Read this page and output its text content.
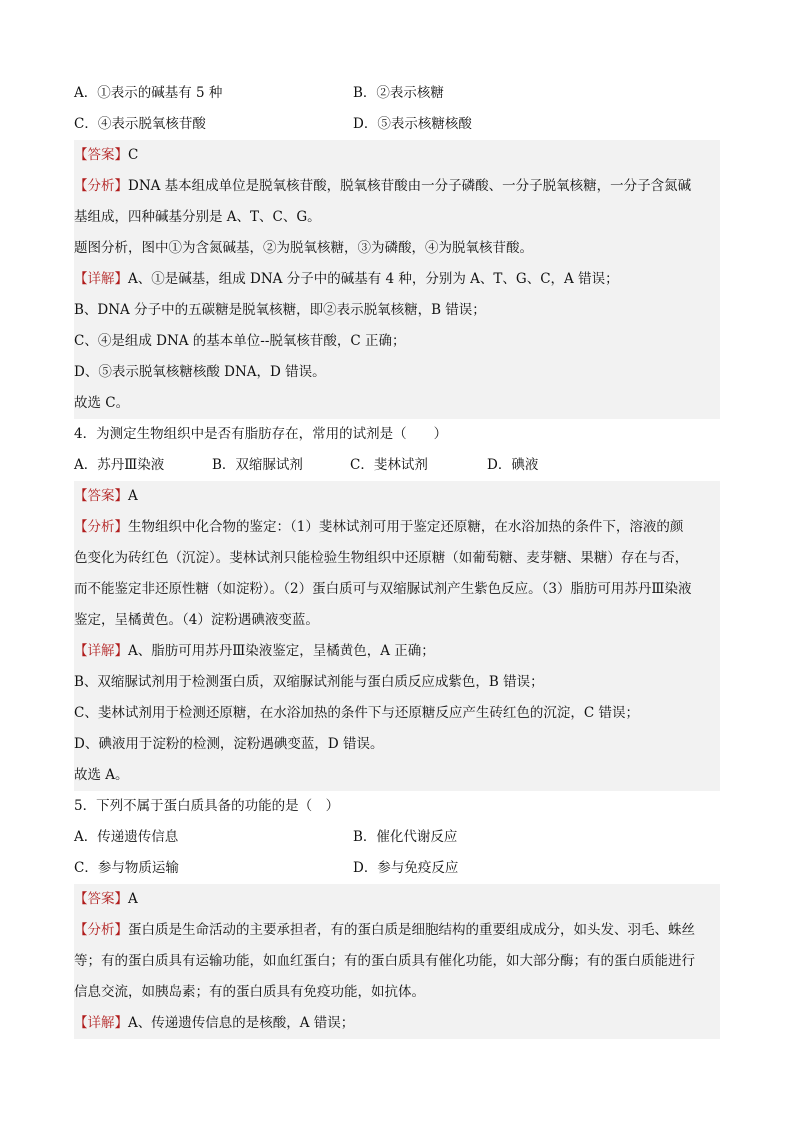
A．①表示的碱基有 5 种	B．②表示核糖
C．④表示脱氧核苷酸	D．⑤表示核糖核酸
【答案】C
【分析】DNA 基本组成单位是脱氧核苷酸，脱氧核苷酸由一分子磷酸、一分子脱氧核糖，一分子含氮碱
基组成，四种碱基分别是 A、T、C、G。
题图分析，图中①为含氮碱基，②为脱氧核糖，③为磷酸，④为脱氧核苷酸。
【详解】A、①是碱基，组成 DNA 分子中的碱基有 4 种，分别为 A、T、G、C，A 错误；
B、DNA 分子中的五碳糖是脱氧核糖，即②表示脱氧核糖，B 错误；
C、④是组成 DNA 的基本单位--脱氧核苷酸，C 正确；
D、⑤表示脱氧核糖核酸 DNA，D 错误。
故选 C。
4．为测定生物组织中是否有脂肪存在，常用的试剂是（　　）
A．苏丹Ⅲ染液	B．双缩脲试剂	C．斐林试剂	D．碘液
【答案】A
【分析】生物组织中化合物的鉴定：（1）斐林试剂可用于鉴定还原糖，在水浴加热的条件下，溶液的颜
色变化为砖红色（沉淀）。斐林试剂只能检验生物组织中还原糖（如葡萄糖、麦芽糖、果糖）存在与否，
而不能鉴定非还原性糖（如淀粉）。（2）蛋白质可与双缩脲试剂产生紫色反应。（3）脂肪可用苏丹Ⅲ染液
鉴定，呈橘黄色。（4）淀粉遇碘液变蓝。
【详解】A、脂肪可用苏丹Ⅲ染液鉴定，呈橘黄色，A 正确；
B、双缩脲试剂用于检测蛋白质，双缩脲试剂能与蛋白质反应成紫色，B 错误；
C、斐林试剂用于检测还原糖，在水浴加热的条件下与还原糖反应产生砖红色的沉淀，C 错误；
D、碘液用于淀粉的检测，淀粉遇碘变蓝，D 错误。
故选 A。
5．下列不属于蛋白质具备的功能的是（　）
A．传递遗传信息	B．催化代谢反应
C．参与物质运输	D．参与免疫反应
【答案】A
【分析】蛋白质是生命活动的主要承担者，有的蛋白质是细胞结构的重要组成成分，如头发、羽毛、蛛丝
等；有的蛋白质具有运输功能，如血红蛋白；有的蛋白质具有催化功能，如大部分酶；有的蛋白质能进行
信息交流，如胰岛素；有的蛋白质具有免疫功能，如抗体。
【详解】A、传递遗传信息的是核酸，A 错误；
